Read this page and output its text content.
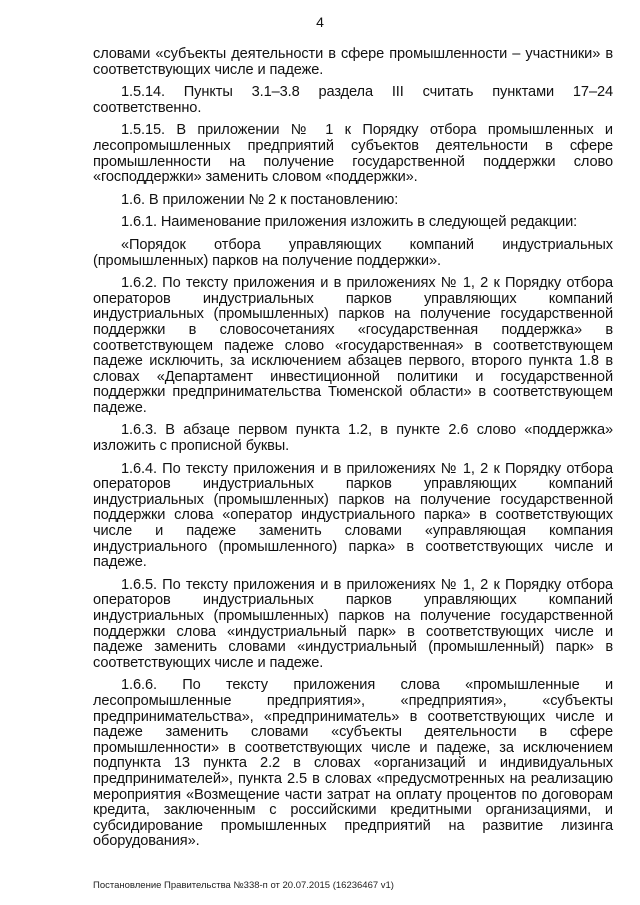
4

словами «субъекты деятельности в сфере промышленности – участники» в соответствующих числе и падеже.

1.5.14. Пункты 3.1–3.8 раздела III считать пунктами 17–24 соответственно.

1.5.15. В приложении № 1 к Порядку отбора промышленных и лесопромышленных предприятий субъектов деятельности в сфере промышленности на получение государственной поддержки слово «господдержки» заменить словом «поддержки».

1.6. В приложении № 2 к постановлению:

1.6.1. Наименование приложения изложить в следующей редакции:

«Порядок отбора управляющих компаний индустриальных (промышленных) парков на получение поддержки».

1.6.2. По тексту приложения и в приложениях № 1, 2 к Порядку отбора операторов индустриальных парков управляющих компаний индустриальных (промышленных) парков на получение государственной поддержки в словосочетаниях «государственная поддержка» в соответствующем падеже слово «государственная» в соответствующем падеже исключить, за исключением абзацев первого, второго пункта 1.8 в словах «Департамент инвестиционной политики и государственной поддержки предпринимательства Тюменской области» в соответствующем падеже.

1.6.3. В абзаце первом пункта 1.2, в пункте 2.6 слово «поддержка» изложить с прописной буквы.

1.6.4. По тексту приложения и в приложениях № 1, 2 к Порядку отбора операторов индустриальных парков управляющих компаний индустриальных (промышленных) парков на получение государственной поддержки слова «оператор индустриального парка» в соответствующих числе и падеже заменить словами «управляющая компания индустриального (промышленного) парка» в соответствующих числе и падеже.

1.6.5. По тексту приложения и в приложениях № 1, 2 к Порядку отбора операторов индустриальных парков управляющих компаний индустриальных (промышленных) парков на получение государственной поддержки слова «индустриальный парк» в соответствующих числе и падеже заменить словами «индустриальный (промышленный) парк» в соответствующих числе и падеже.

1.6.6. По тексту приложения слова «промышленные и лесопромышленные предприятия», «предприятия», «субъекты предпринимательства», «предприниматель» в соответствующих числе и падеже заменить словами «субъекты деятельности в сфере промышленности» в соответствующих числе и падеже, за исключением подпункта 13 пункта 2.2 в словах «организаций и индивидуальных предпринимателей», пункта 2.5 в словах «предусмотренных на реализацию мероприятия «Возмещение части затрат на оплату процентов по договорам кредита, заключенным с российскими кредитными организациями, и субсидирование промышленных предприятий на развитие лизинга оборудования».

Постановление Правительства №338-п от 20.07.2015 (16236467 v1)
